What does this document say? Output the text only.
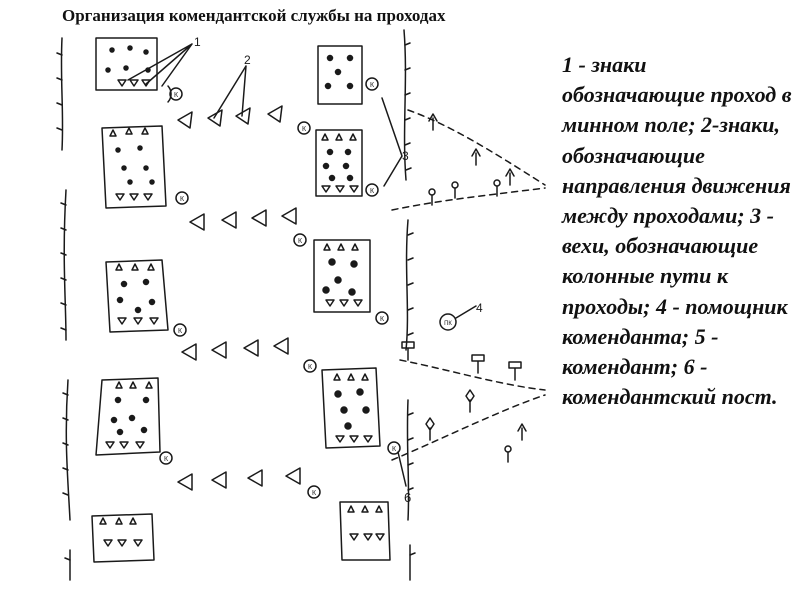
Организация комендантской службы на проходах
К
К
К
К
К
К
К
К
К
К
К
К
ПК
1
2
3
4
6

1 - знаки обозначающие проход в минном поле; 2-знаки, обозначающие направления движения между проходами; 3 - вехи, обозначающие колонные пути к проходы; 4 - помощник коменданта; 5 - комендант; 6 - комендантский пост.
